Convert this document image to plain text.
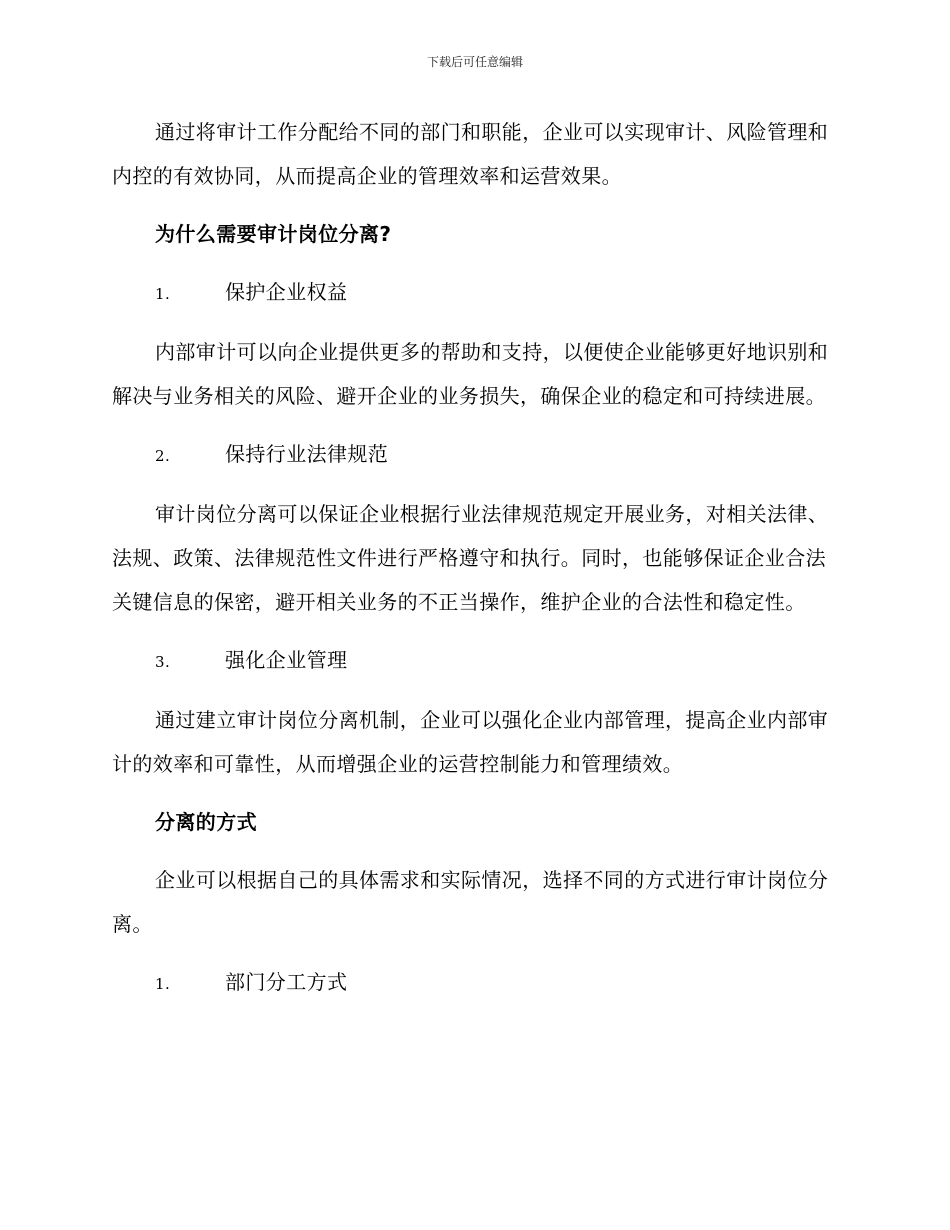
下载后可任意编辑

通过将审计工作分配给不同的部门和职能，企业可以实现审计、风险管理和内控的有效协同，从而提高企业的管理效率和运营效果。

为什么需要审计岗位分离?
1.	保护企业权益

内部审计可以向企业提供更多的帮助和支持，以便使企业能够更好地识别和解决与业务相关的风险、避开企业的业务损失，确保企业的稳定和可持续进展。

2.	保持行业法律规范

审计岗位分离可以保证企业根据行业法律规范规定开展业务，对相关法律、法规、政策、法律规范性文件进行严格遵守和执行。同时，也能够保证企业合法关键信息的保密，避开相关业务的不正当操作，维护企业的合法性和稳定性。

3.	强化企业管理

通过建立审计岗位分离机制，企业可以强化企业内部管理，提高企业内部审计的效率和可靠性，从而增强企业的运营控制能力和管理绩效。

分离的方式

企业可以根据自己的具体需求和实际情况，选择不同的方式进行审计岗位分离。

1.	部门分工方式
